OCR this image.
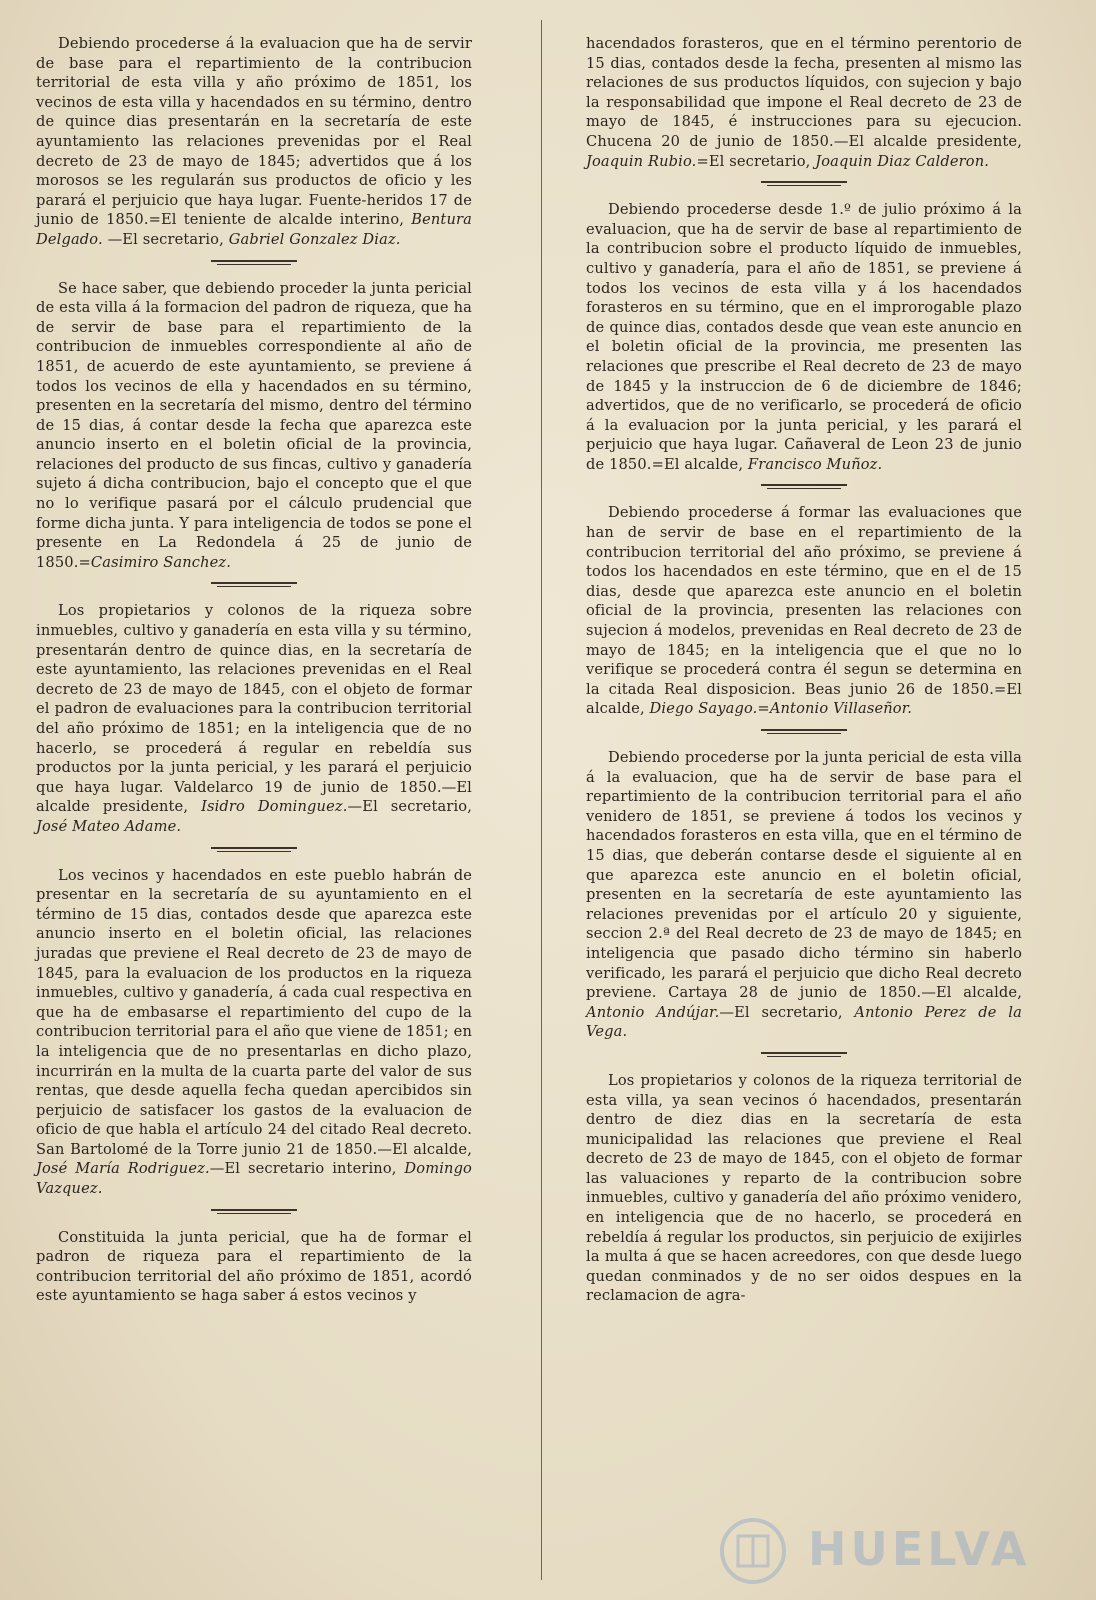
Debiendo procederse á la evaluacion que ha de servir de base para el repartimiento de la contribucion territorial de esta villa y año próximo de 1851, los vecinos de esta villa y hacendados en su término, dentro de quince dias presentarán en la secretaría de este ayuntamiento las relaciones prevenidas por el Real decreto de 23 de mayo de 1845; advertidos que á los morosos se les regularán sus productos de oficio y les parará el perjuicio que haya lugar. Fuente-heridos 17 de junio de 1850.=El teniente de alcalde interino, Bentura Delgado. —El secretario, Gabriel Gonzalez Diaz.

Se hace saber, que debiendo proceder la junta pericial de esta villa á la formacion del padron de riqueza, que ha de servir de base para el repartimiento de la contribucion de inmuebles correspondiente al año de 1851, de acuerdo de este ayuntamiento, se previene á todos los vecinos de ella y hacendados en su término, presenten en la secretaría del mismo, dentro del término de 15 dias, á contar desde la fecha que aparezca este anuncio inserto en el boletin oficial de la provincia, relaciones del producto de sus fincas, cultivo y ganadería sujeto á dicha contribucion, bajo el concepto que el que no lo verifique pasará por el cálculo prudencial que forme dicha junta. Y para inteligencia de todos se pone el presente en La Redondela á 25 de junio de 1850.=Casimiro Sanchez.

Los propietarios y colonos de la riqueza sobre inmuebles, cultivo y ganadería en esta villa y su término, presentarán dentro de quince dias, en la secretaría de este ayuntamiento, las relaciones prevenidas en el Real decreto de 23 de mayo de 1845, con el objeto de formar el padron de evaluaciones para la contribucion territorial del año próximo de 1851; en la inteligencia que de no hacerlo, se procederá á regular en rebeldía sus productos por la junta pericial, y les parará el perjuicio que haya lugar. Valdelarco 19 de junio de 1850.—El alcalde presidente, Isidro Dominguez.—El secretario, José Mateo Adame.

Los vecinos y hacendados en este pueblo habrán de presentar en la secretaría de su ayuntamiento en el término de 15 dias, contados desde que aparezca este anuncio inserto en el boletin oficial, las relaciones juradas que previene el Real decreto de 23 de mayo de 1845, para la evaluacion de los productos en la riqueza inmuebles, cultivo y ganadería, á cada cual respectiva en que ha de embasarse el repartimiento del cupo de la contribucion territorial para el año que viene de 1851; en la inteligencia que de no presentarlas en dicho plazo, incurrirán en la multa de la cuarta parte del valor de sus rentas, que desde aquella fecha quedan apercibidos sin perjuicio de satisfacer los gastos de la evaluacion de oficio de que habla el artículo 24 del citado Real decreto. San Bartolomé de la Torre junio 21 de 1850.—El alcalde, José María Rodriguez.—El secretario interino, Domingo Vazquez.

Constituida la junta pericial, que ha de formar el padron de riqueza para el repartimiento de la contribucion territorial del año próximo de 1851, acordó este ayuntamiento se haga saber á estos vecinos y

hacendados forasteros, que en el término perentorio de 15 dias, contados desde la fecha, presenten al mismo las relaciones de sus productos líquidos, con sujecion y bajo la responsabilidad que impone el Real decreto de 23 de mayo de 1845, é instrucciones para su ejecucion. Chucena 20 de junio de 1850.—El alcalde presidente, Joaquin Rubio.=El secretario, Joaquin Diaz Calderon.

Debiendo procederse desde 1.º de julio próximo á la evaluacion, que ha de servir de base al repartimiento de la contribucion sobre el producto líquido de inmuebles, cultivo y ganadería, para el año de 1851, se previene á todos los vecinos de esta villa y á los hacendados forasteros en su término, que en el improrogable plazo de quince dias, contados desde que vean este anuncio en el boletin oficial de la provincia, me presenten las relaciones que prescribe el Real decreto de 23 de mayo de 1845 y la instruccion de 6 de diciembre de 1846; advertidos, que de no verificarlo, se procederá de oficio á la evaluacion por la junta pericial, y les parará el perjuicio que haya lugar. Cañaveral de Leon 23 de junio de 1850.=El alcalde, Francisco Muñoz.

Debiendo procederse á formar las evaluaciones que han de servir de base en el repartimiento de la contribucion territorial del año próximo, se previene á todos los hacendados en este término, que en el de 15 dias, desde que aparezca este anuncio en el boletin oficial de la provincia, presenten las relaciones con sujecion á modelos, prevenidas en Real decreto de 23 de mayo de 1845; en la inteligencia que el que no lo verifique se procederá contra él segun se determina en la citada Real disposicion. Beas junio 26 de 1850.=El alcalde, Diego Sayago.=Antonio Villaseñor.

Debiendo procederse por la junta pericial de esta villa á la evaluacion, que ha de servir de base para el repartimiento de la contribucion territorial para el año venidero de 1851, se previene á todos los vecinos y hacendados forasteros en esta villa, que en el término de 15 dias, que deberán contarse desde el siguiente al en que aparezca este anuncio en el boletin oficial, presenten en la secretaría de este ayuntamiento las relaciones prevenidas por el artículo 20 y siguiente, seccion 2.ª del Real decreto de 23 de mayo de 1845; en inteligencia que pasado dicho término sin haberlo verificado, les parará el perjuicio que dicho Real decreto previene. Cartaya 28 de junio de 1850.—El alcalde, Antonio Andújar.—El secretario, Antonio Perez de la Vega.

Los propietarios y colonos de la riqueza territorial de esta villa, ya sean vecinos ó hacendados, presentarán dentro de diez dias en la secretaría de esta municipalidad las relaciones que previene el Real decreto de 23 de mayo de 1845, con el objeto de formar las valuaciones y reparto de la contribucion sobre inmuebles, cultivo y ganadería del año próximo venidero, en inteligencia que de no hacerlo, se procederá en rebeldía á regular los productos, sin perjuicio de exijirles la multa á que se hacen acreedores, con que desde luego quedan conminados y de no ser oidos despues en la reclamacion de agra-

HUELVA
